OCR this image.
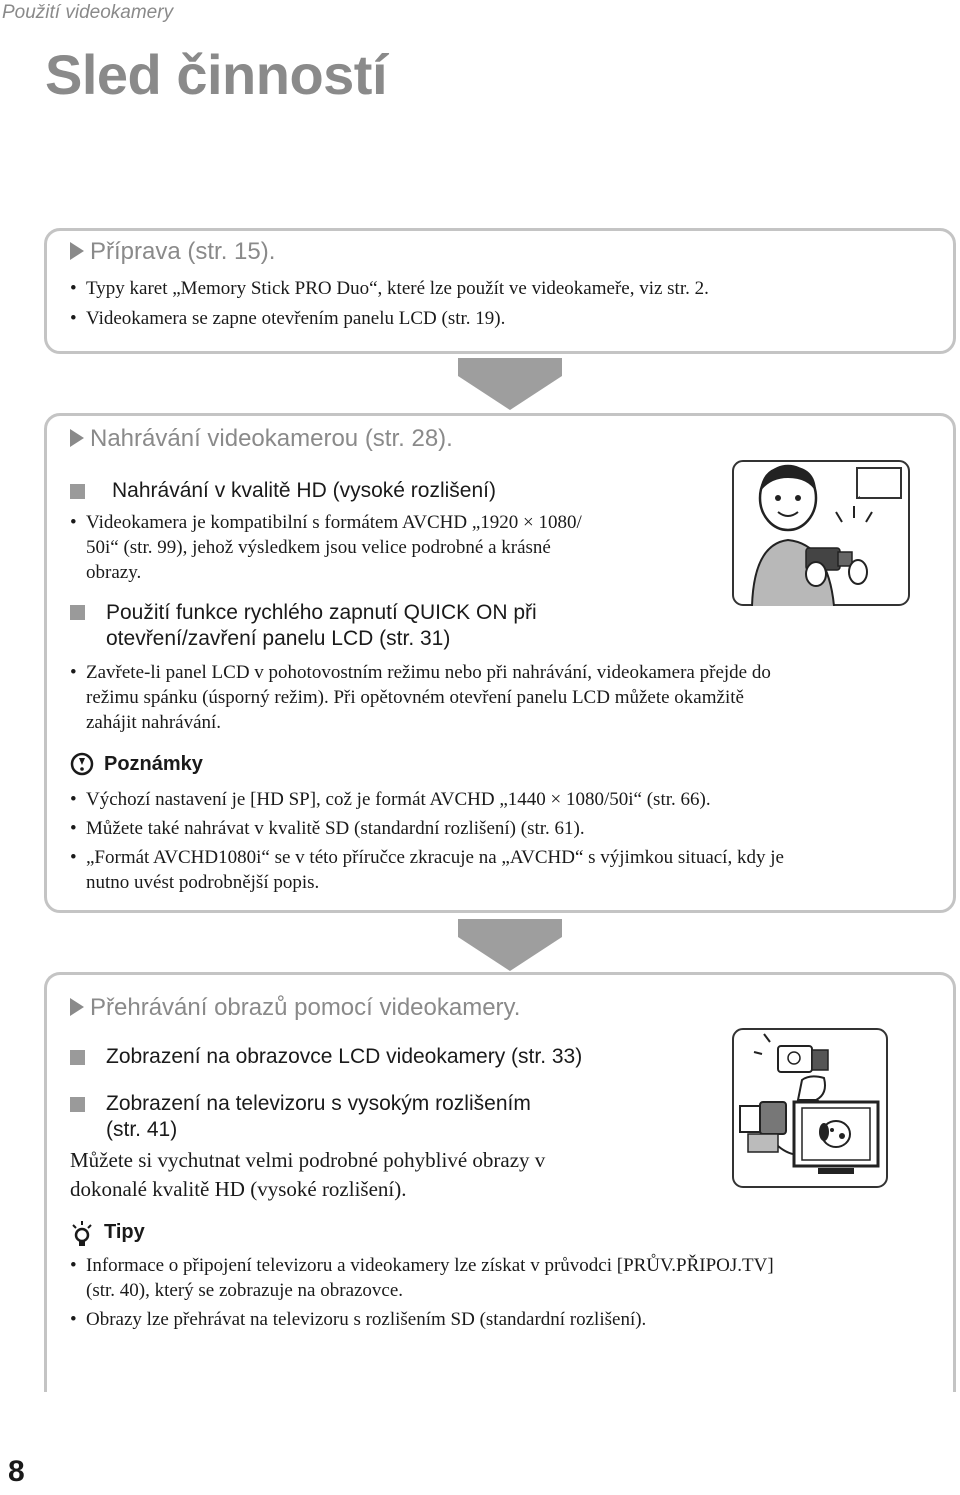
Použití videokamery
Sled činností
Příprava (str. 15).
• Typy karet „Memory Stick PRO Duo“, které lze použít ve videokameře, viz str. 2.
• Videokamera se zapne otevřením panelu LCD (str. 19).
Nahrávání videokamerou (str. 28).
Nahrávání v kvalitě HD (vysoké rozlišení)
• Videokamera je kompatibilní s formátem AVCHD „1920 × 1080/
50i“ (str. 99), jehož výsledkem jsou velice podrobné a krásné
obrazy.
¸
Použití funkce rychlého zapnutí QUICK ON při
otevření/zavření panelu LCD (str. 31)
• Zavřete-li panel LCD v pohotovostním režimu nebo při nahrávání, videokamera přejde do
režimu spánku (úsporný režim). Při opětovném otevření panelu LCD můžete okamžitě
zahájit nahrávání.
Poznámky
• Výchozí nastavení je [HD SP], což je formát AVCHD „1440 × 1080/50i“ (str. 66).
• Můžete také nahrávat v kvalitě SD (standardní rozlišení) (str. 61).
• „Formát AVCHD1080i“ se v této příručce zkracuje na „AVCHD“ s výjimkou situací, kdy je
nutno uvést podrobnější popis.
Přehrávání obrazů pomocí videokamery.
Zobrazení na obrazovce LCD videokamery (str. 33)
Zobrazení na televizoru s vysokým rozlišením
(str. 41)
Můžete si vychutnat velmi podrobné pohyblivé obrazy v
dokonalé kvalitě HD (vysoké rozlišení).
Tipy
• Informace o připojení televizoru a videokamery lze získat v průvodci [PRŮV.PŘIPOJ.TV]
(str. 40), který se zobrazuje na obrazovce.
• Obrazy lze přehrávat na televizoru s rozlišením SD (standardní rozlišení).
8
